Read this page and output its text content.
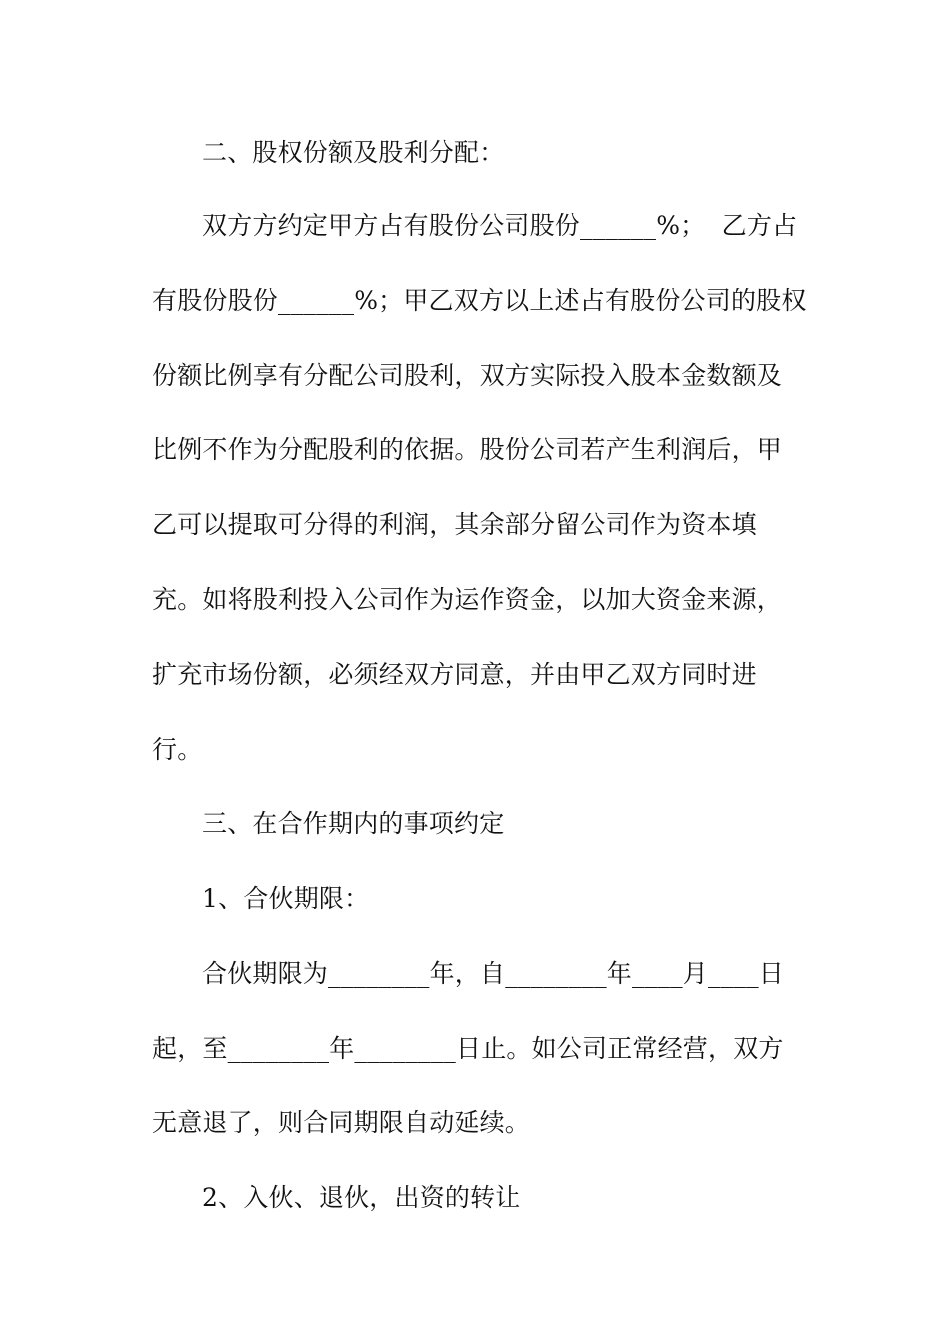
二、股权份额及股利分配：
双方方约定甲方占有股份公司股份______%；  乙方占
有股份股份______%；甲乙双方以上述占有股份公司的股权
份额比例享有分配公司股利，双方实际投入股本金数额及
比例不作为分配股利的依据。股份公司若产生利润后，甲
乙可以提取可分得的利润，其余部分留公司作为资本填
充。如将股利投入公司作为运作资金，以加大资金来源，
扩充市场份额，必须经双方同意，并由甲乙双方同时进
行。
三、在合作期内的事项约定
1、合伙期限：
合伙期限为________年，自________年____月____日
起，至________年________日止。如公司正常经营，双方
无意退了，则合同期限自动延续。
2、入伙、退伙，出资的转让
